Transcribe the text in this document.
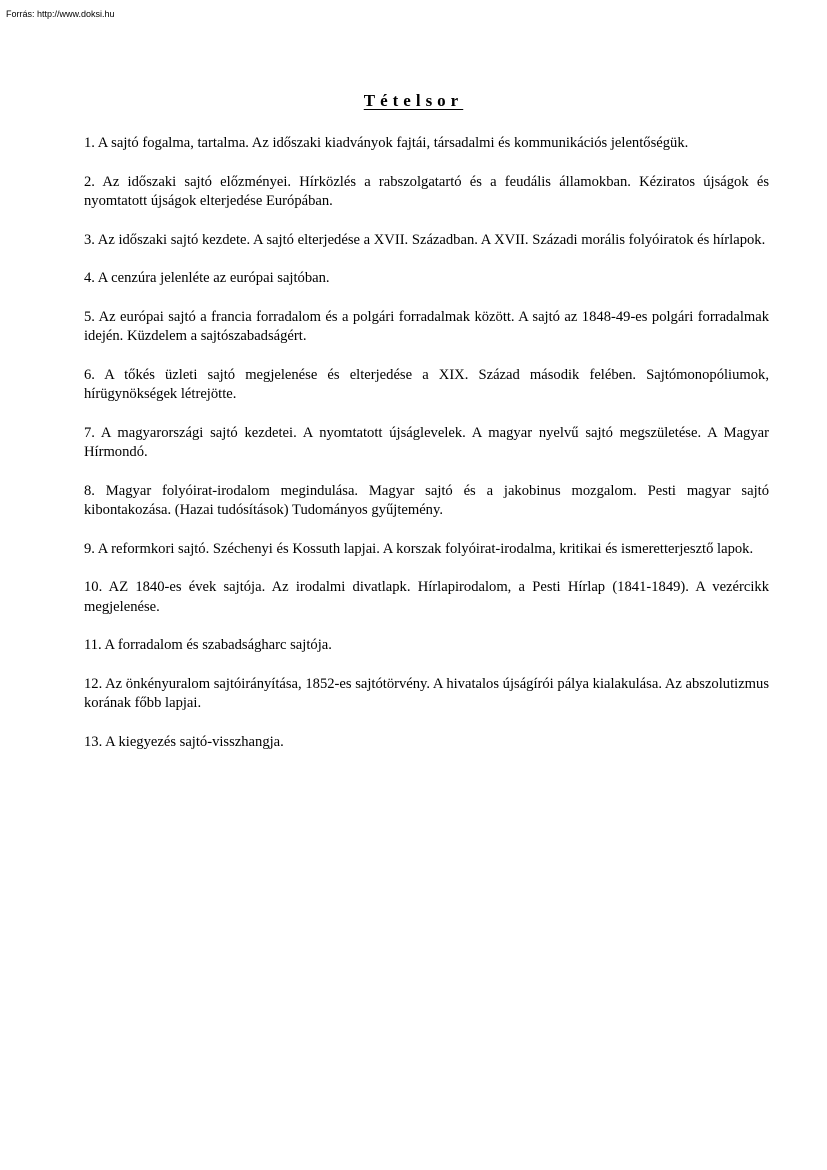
Forrás: http://www.doksi.hu
Tételsor
1. A sajtó fogalma, tartalma. Az időszaki kiadványok fajtái, társadalmi és kommunikációs jelentőségük.
2. Az időszaki sajtó előzményei. Hírközlés a rabszolgatartó és a feudális államokban. Kéziratos újságok és nyomtatott újságok elterjedése Európában.
3. Az időszaki sajtó kezdete. A sajtó elterjedése a XVII. Században. A XVII. Századi morális folyóiratok és hírlapok.
4. A cenzúra jelenléte az európai sajtóban.
5. Az európai sajtó a francia forradalom és a polgári forradalmak között. A sajtó az 1848-49-es polgári forradalmak idején. Küzdelem a sajtószabadságért.
6. A tőkés üzleti sajtó megjelenése és elterjedése a XIX. Század második felében. Sajtómonopóliumok, hírügynökségek létrejötte.
7. A magyarországi sajtó kezdetei. A nyomtatott újságlevelek. A magyar nyelvű sajtó megszületése. A Magyar Hírmondó.
8. Magyar folyóirat-irodalom megindulása. Magyar sajtó és a jakobinus mozgalom. Pesti magyar sajtó kibontakozása. (Hazai tudósítások) Tudományos gyűjtemény.
9. A reformkori sajtó. Széchenyi és Kossuth lapjai. A korszak folyóirat-irodalma, kritikai és ismeretterjesztő lapok.
10. AZ 1840-es évek sajtója. Az irodalmi divatlapk. Hírlapirodalom, a Pesti Hírlap (1841-1849). A vezércikk megjelenése.
11. A forradalom és szabadságharc sajtója.
12. Az önkényuralom sajtóirányítása, 1852-es sajtótörvény. A hivatalos újságírói pálya kialakulása. Az abszolutizmus korának főbb lapjai.
13. A kiegyezés sajtó-visszhangja.
